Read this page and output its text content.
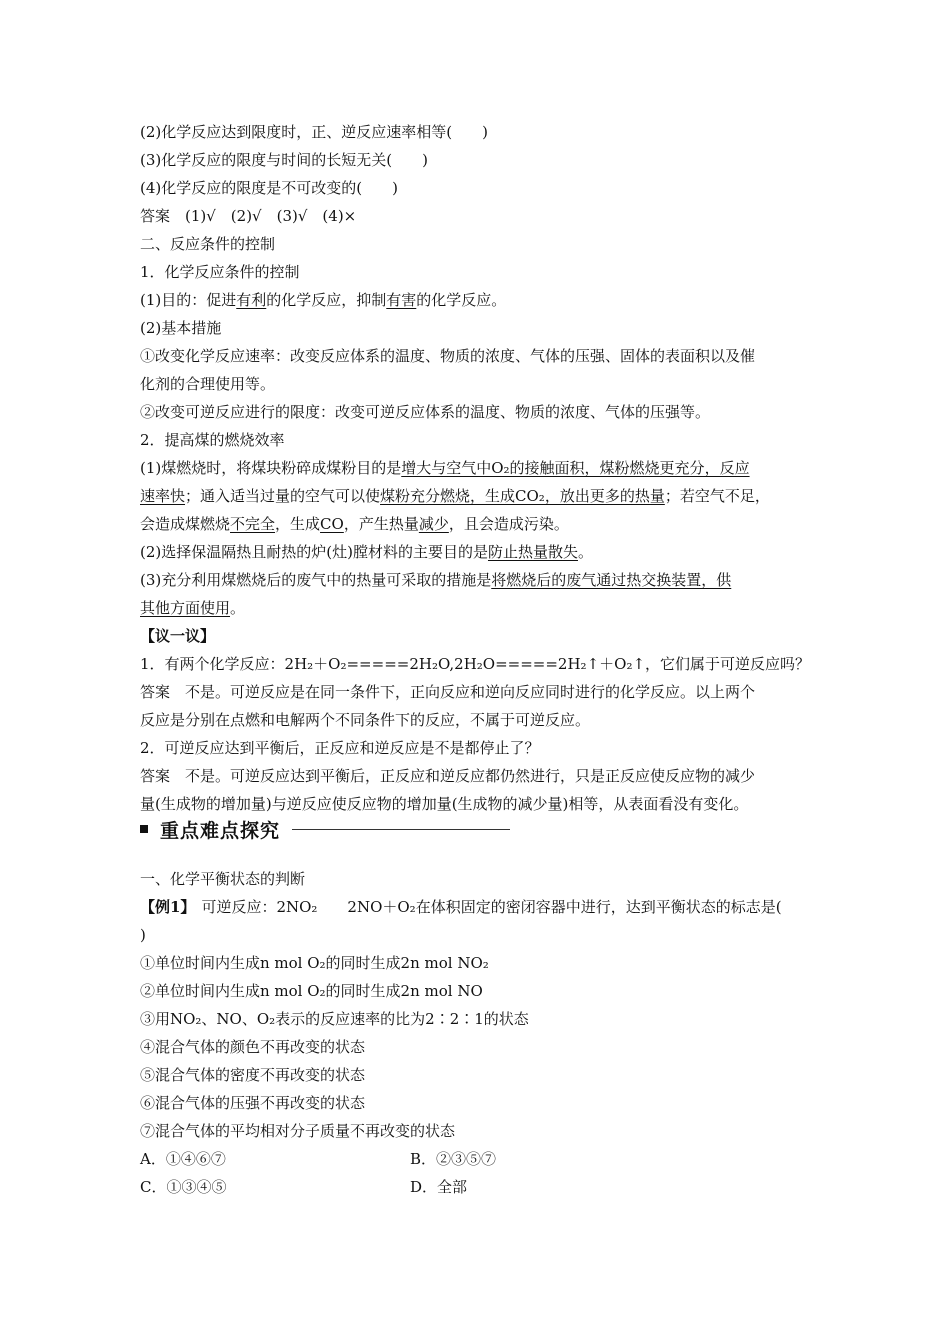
(2)化学反应达到限度时，正、逆反应速率相等(　　)
(3)化学反应的限度与时间的长短无关(　　)
(4)化学反应的限度是不可改变的(　　)
答案　(1)√　(2)√　(3)√　(4)×
二、反应条件的控制
1．化学反应条件的控制
(1)目的：促进有利的化学反应，抑制有害的化学反应。
(2)基本措施
①改变化学反应速率：改变反应体系的温度、物质的浓度、气体的压强、固体的表面积以及催
化剂的合理使用等。
②改变可逆反应进行的限度：改变可逆反应体系的温度、物质的浓度、气体的压强等。
2．提高煤的燃烧效率
(1)煤燃烧时，将煤块粉碎成煤粉目的是增大与空气中O₂的接触面积，煤粉燃烧更充分，反应
速率快；通入适当过量的空气可以使煤粉充分燃烧，生成CO₂，放出更多的热量；若空气不足，
会造成煤燃烧不完全，生成CO，产生热量减少，且会造成污染。
(2)选择保温隔热且耐热的炉(灶)膛材料的主要目的是防止热量散失。
(3)充分利用煤燃烧后的废气中的热量可采取的措施是将燃烧后的废气通过热交换装置，供
其他方面使用。
【议一议】
1．有两个化学反应：2H₂＋O₂=====2H₂O,2H₂O=====2H₂↑＋O₂↑，它们属于可逆反应吗？
答案　不是。可逆反应是在同一条件下，正向反应和逆向反应同时进行的化学反应。以上两个
反应是分别在点燃和电解两个不同条件下的反应，不属于可逆反应。
2．可逆反应达到平衡后，正反应和逆反应是不是都停止了？
答案　不是。可逆反应达到平衡后，正反应和逆反应都仍然进行，只是正反应使反应物的减少
量(生成物的增加量)与逆反应使反应物的增加量(生成物的减少量)相等，从表面看没有变化。
重点难点探究
一、化学平衡状态的判断
【例1】 可逆反应：2NO₂　　2NO＋O₂在体积固定的密闭容器中进行，达到平衡状态的标志是(
)
①单位时间内生成n mol O₂的同时生成2n mol NO₂
②单位时间内生成n mol O₂的同时生成2n mol NO
③用NO₂、NO、O₂表示的反应速率的比为2∶2∶1的状态
④混合气体的颜色不再改变的状态
⑤混合气体的密度不再改变的状态
⑥混合气体的压强不再改变的状态
⑦混合气体的平均相对分子质量不再改变的状态
A．①④⑥⑦	B．②③⑤⑦
C．①③④⑤	D．全部
